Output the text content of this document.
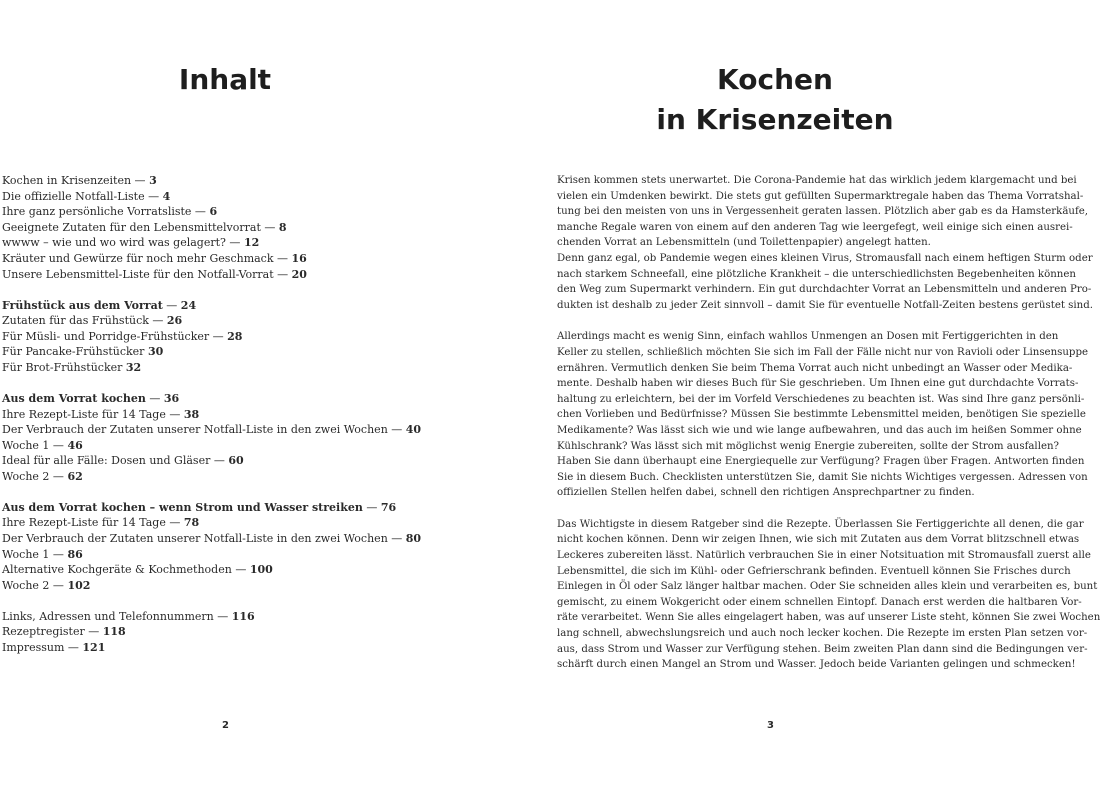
Inhalt
Kochen in Krisenzeiten — 3
Die offizielle Notfall-Liste — 4
Ihre ganz persönliche Vorratsliste — 6
Geeignete Zutaten für den Lebensmittelvorrat — 8
wwww – wie und wo wird was gelagert? — 12
Kräuter und Gewürze für noch mehr Geschmack — 16
Unsere Lebensmittel-Liste für den Notfall-Vorrat — 20
Frühstück aus dem Vorrat — 24
Zutaten für das Frühstück — 26
Für Müsli- und Porridge-Frühstücker — 28
Für Pancake-Frühstücker 30
Für Brot-Frühstücker 32
Aus dem Vorrat kochen — 36
Ihre Rezept-Liste für 14 Tage — 38
Der Verbrauch der Zutaten unserer Notfall-Liste in den zwei Wochen — 40
Woche 1 — 46
Ideal für alle Fälle: Dosen und Gläser — 60
Woche 2 — 62
Aus dem Vorrat kochen – wenn Strom und Wasser streiken — 76
Ihre Rezept-Liste für 14 Tage — 78
Der Verbrauch der Zutaten unserer Notfall-Liste in den zwei Wochen — 80
Woche 1 — 86
Alternative Kochgeräte & Kochmethoden — 100
Woche 2 — 102
Links, Adressen und Telefonnummern — 116
Rezeptregister — 118
Impressum — 121
2
Kochen
in Krisenzeiten

Krisen kommen stets unerwartet. Die Corona-Pandemie hat das wirklich jedem klargemacht und bei
vielen ein Umdenken bewirkt. Die stets gut gefüllten Supermarktregale haben das Thema Vorratshal-
tung bei den meisten von uns in Vergessenheit geraten lassen. Plötzlich aber gab es da Hamsterkäufe,
manche Regale waren von einem auf den anderen Tag wie leergefegt, weil einige sich einen ausrei-
chenden Vorrat an Lebensmitteln (und Toilettenpapier) angelegt hatten.
Denn ganz egal, ob Pandemie wegen eines kleinen Virus, Stromausfall nach einem heftigen Sturm oder
nach starkem Schneefall, eine plötzliche Krankheit – die unterschiedlichsten Begebenheiten können
den Weg zum Supermarkt verhindern. Ein gut durchdachter Vorrat an Lebensmitteln und anderen Pro-
dukten ist deshalb zu jeder Zeit sinnvoll – damit Sie für eventuelle Notfall-Zeiten bestens gerüstet sind.

Allerdings macht es wenig Sinn, einfach wahllos Unmengen an Dosen mit Fertiggerichten in den
Keller zu stellen, schließlich möchten Sie sich im Fall der Fälle nicht nur von Ravioli oder Linsensuppe
ernähren. Vermutlich denken Sie beim Thema Vorrat auch nicht unbedingt an Wasser oder Medika-
mente. Deshalb haben wir dieses Buch für Sie geschrieben. Um Ihnen eine gut durchdachte Vorrats-
haltung zu erleichtern, bei der im Vorfeld Verschiedenes zu beachten ist. Was sind Ihre ganz persönli-
chen Vorlieben und Bedürfnisse? Müssen Sie bestimmte Lebensmittel meiden, benötigen Sie spezielle
Medikamente? Was lässt sich wie und wie lange aufbewahren, und das auch im heißen Sommer ohne
Kühlschrank? Was lässt sich mit möglichst wenig Energie zubereiten, sollte der Strom ausfallen?
Haben Sie dann überhaupt eine Energiequelle zur Verfügung? Fragen über Fragen. Antworten finden
Sie in diesem Buch. Checklisten unterstützen Sie, damit Sie nichts Wichtiges vergessen. Adressen von
offiziellen Stellen helfen dabei, schnell den richtigen Ansprechpartner zu finden.

Das Wichtigste in diesem Ratgeber sind die Rezepte. Überlassen Sie Fertiggerichte all denen, die gar
nicht kochen können. Denn wir zeigen Ihnen, wie sich mit Zutaten aus dem Vorrat blitzschnell etwas
Leckeres zubereiten lässt. Natürlich verbrauchen Sie in einer Notsituation mit Stromausfall zuerst alle
Lebensmittel, die sich im Kühl- oder Gefrierschrank befinden. Eventuell können Sie Frisches durch
Einlegen in Öl oder Salz länger haltbar machen. Oder Sie schneiden alles klein und verarbeiten es, bunt
gemischt, zu einem Wokgericht oder einem schnellen Eintopf. Danach erst werden die haltbaren Vor-
räte verarbeitet. Wenn Sie alles eingelagert haben, was auf unserer Liste steht, können Sie zwei Wochen
lang schnell, abwechslungsreich und auch noch lecker kochen. Die Rezepte im ersten Plan setzen vor-
aus, dass Strom und Wasser zur Verfügung stehen. Beim zweiten Plan dann sind die Bedingungen ver-
schärft durch einen Mangel an Strom und Wasser. Jedoch beide Varianten gelingen und schmecken!

3
